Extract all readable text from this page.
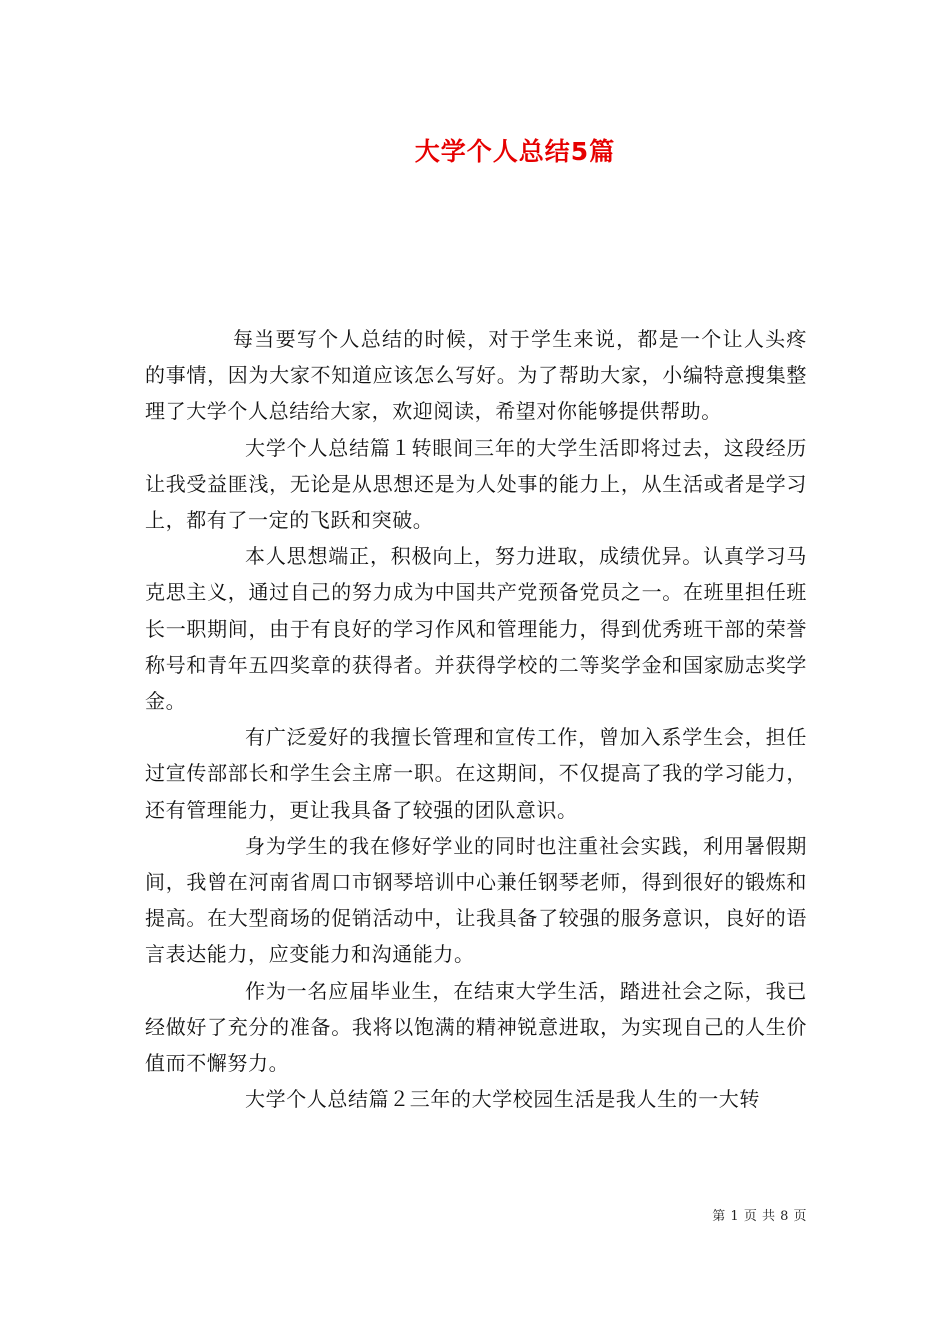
大学个人总结5篇

每当要写个人总结的时候，对于学生来说，都是一个让人头疼的事情，因为大家不知道应该怎么写好。为了帮助大家，小编特意搜集整理了大学个人总结给大家，欢迎阅读，希望对你能够提供帮助。

大学个人总结篇１转眼间三年的大学生活即将过去，这段经历让我受益匪浅，无论是从思想还是为人处事的能力上，从生活或者是学习上，都有了一定的飞跃和突破。

本人思想端正，积极向上，努力进取，成绩优异。认真学习马克思主义，通过自己的努力成为中国共产党预备党员之一。在班里担任班长一职期间，由于有良好的学习作风和管理能力，得到优秀班干部的荣誉称号和青年五四奖章的获得者。并获得学校的二等奖学金和国家励志奖学金。

有广泛爱好的我擅长管理和宣传工作，曾加入系学生会，担任过宣传部部长和学生会主席一职。在这期间，不仅提高了我的学习能力，还有管理能力，更让我具备了较强的团队意识。

身为学生的我在修好学业的同时也注重社会实践，利用暑假期间，我曾在河南省周口市钢琴培训中心兼任钢琴老师，得到很好的锻炼和提高。在大型商场的促销活动中，让我具备了较强的服务意识，良好的语言表达能力，应变能力和沟通能力。

作为一名应届毕业生，在结束大学生活，踏进社会之际，我已经做好了充分的准备。我将以饱满的精神锐意进取，为实现自己的人生价值而不懈努力。

大学个人总结篇２三年的大学校园生活是我人生的一大转

第 1 页 共 8 页
